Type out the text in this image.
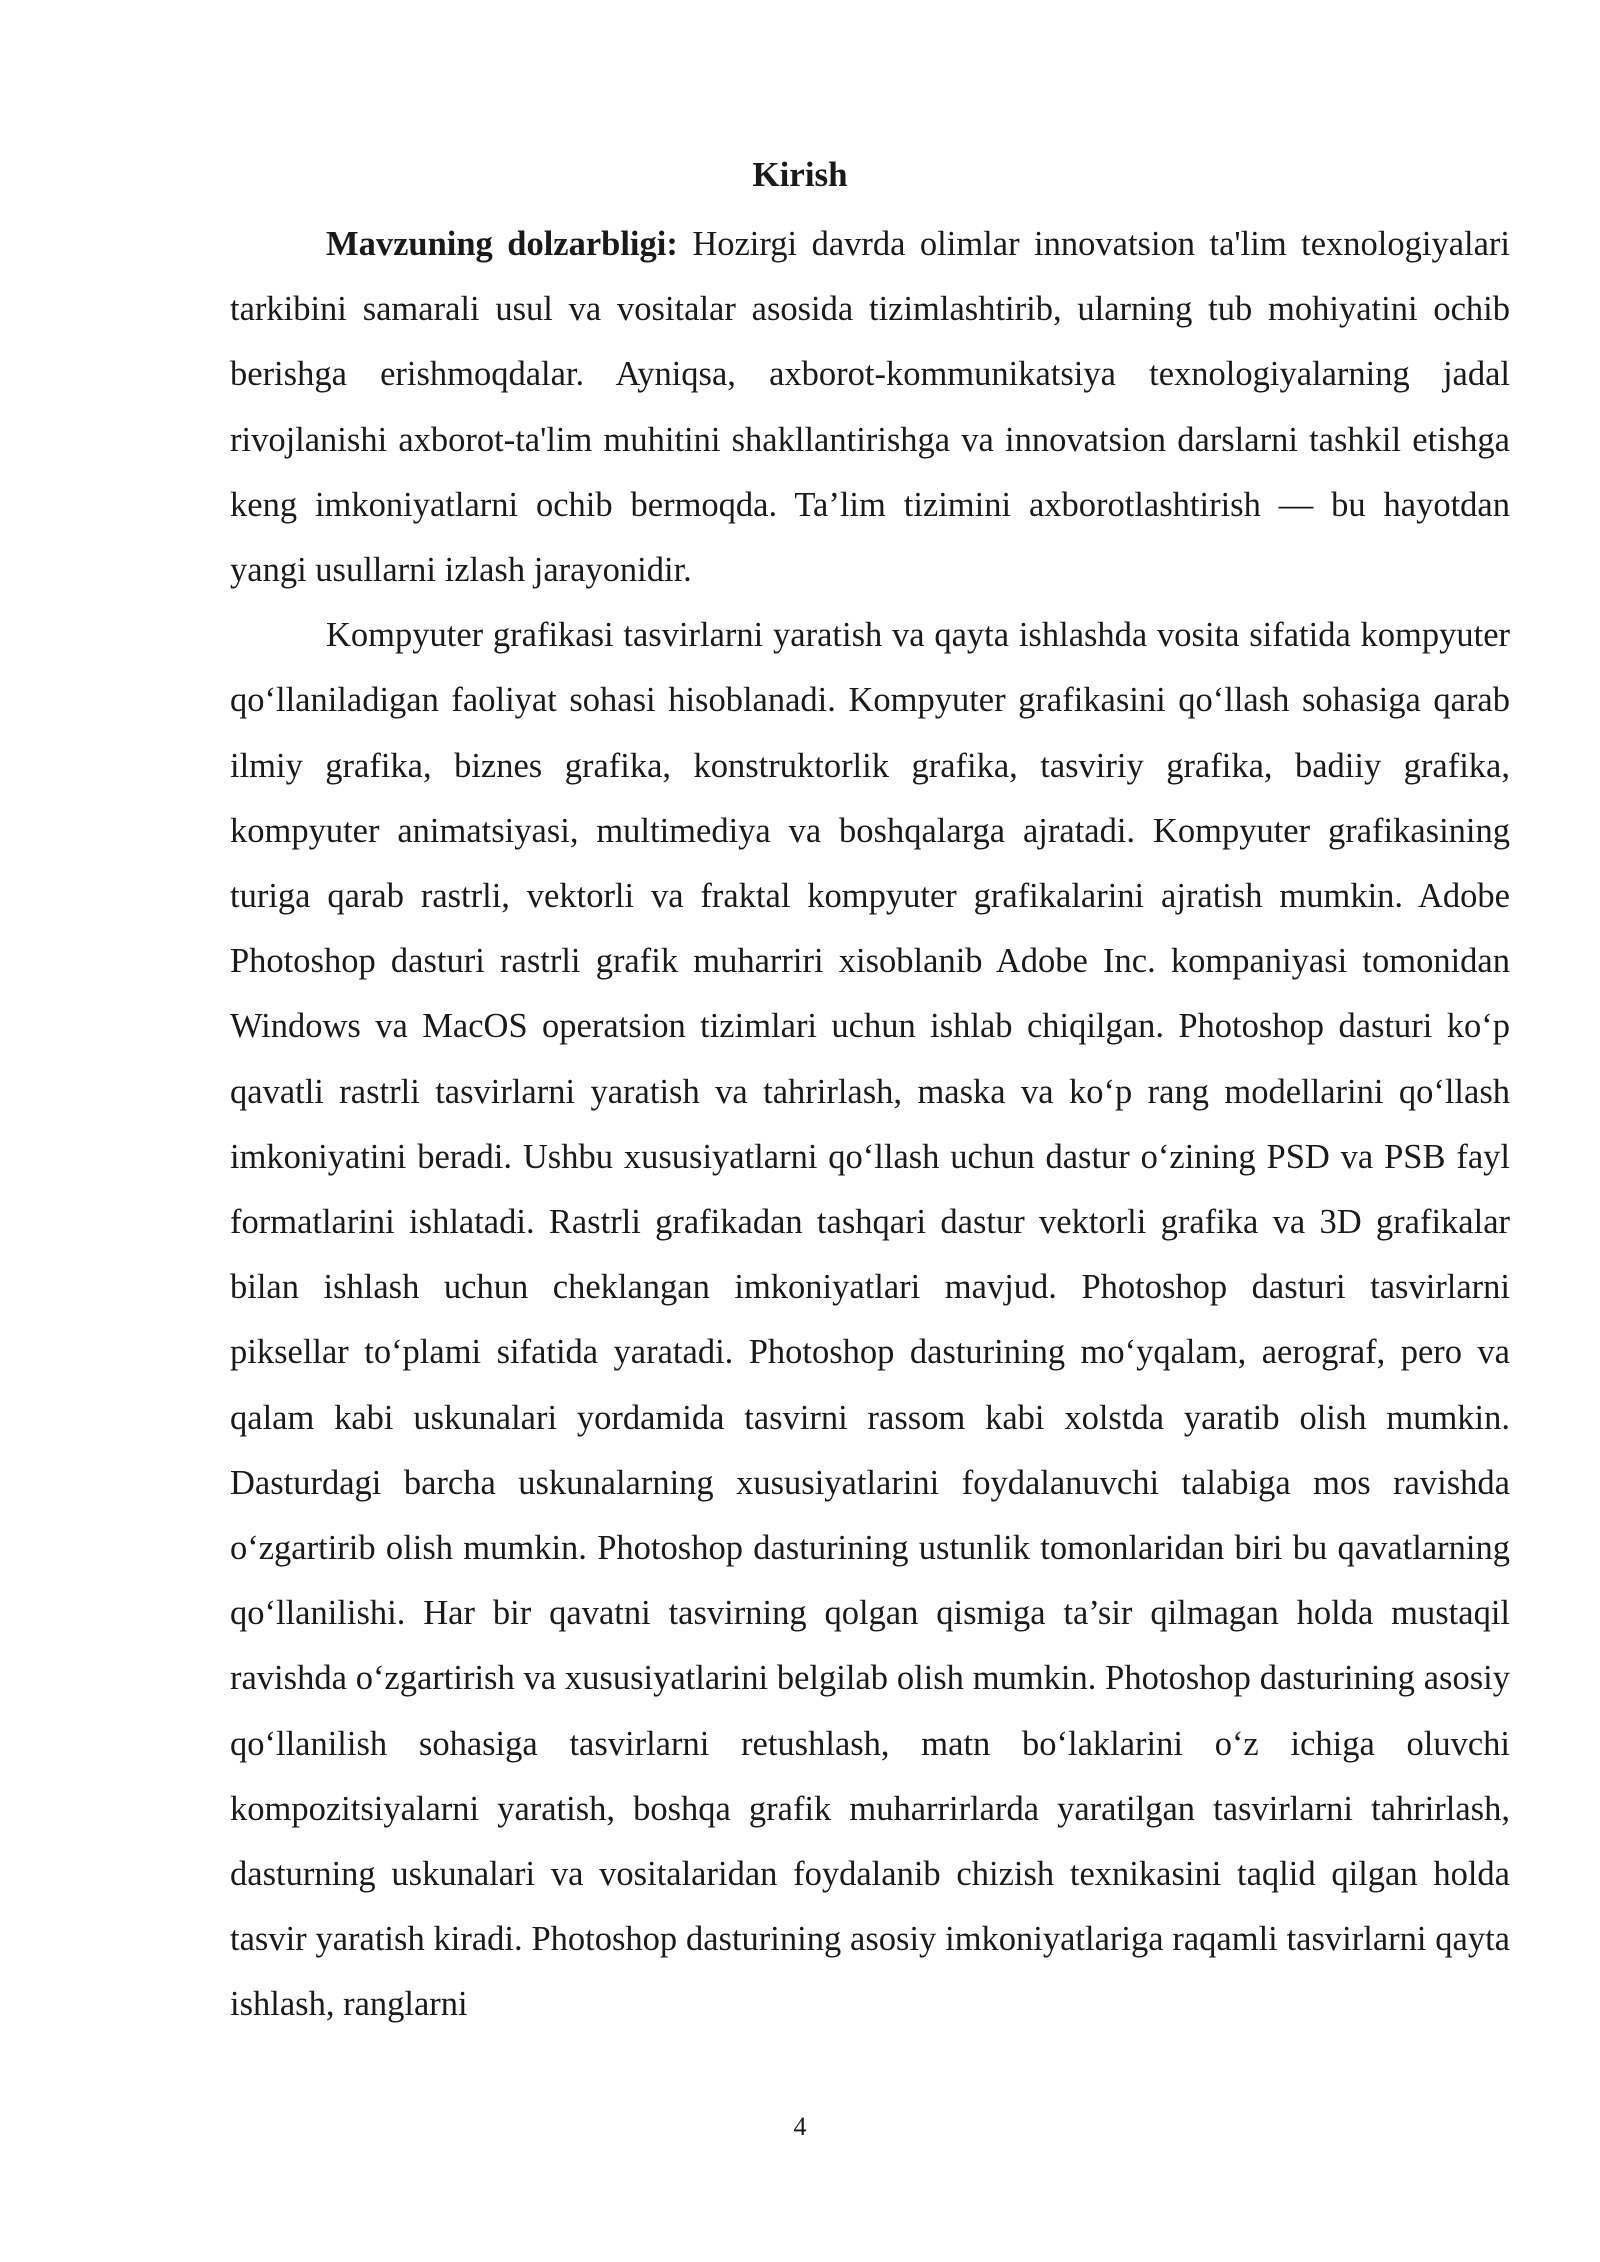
Kirish

Mavzuning dolzarbligi: Hozirgi davrda olimlar innovatsion ta'lim texnologiyalari tarkibini samarali usul va vositalar asosida tizimlashtirib, ularning tub mohiyatini ochib berishga erishmoqdalar. Ayniqsa, axborot-kommunikatsiya texnologiyalarning jadal rivojlanishi axborot-ta'lim muhitini shakllantirishga va innovatsion darslarni tashkil etishga keng imkoniyatlarni ochib bermoqda. Ta’lim tizimini axborotlashtirish — bu hayotdan yangi usullarni izlash jarayonidir.

Kompyuter grafikasi tasvirlarni yaratish va qayta ishlashda vosita sifatida kompyuter qo‘llaniladigan faoliyat sohasi hisoblanadi. Kompyuter grafikasini qo‘llash sohasiga qarab ilmiy grafika, biznes grafika, konstruktorlik grafika, tasviriy grafika, badiiy grafika, kompyuter animatsiyasi, multimediya va boshqalarga ajratadi. Kompyuter grafikasining turiga qarab rastrli, vektorli va fraktal kompyuter grafikalarini ajratish mumkin. Adobe Photoshop dasturi rastrli grafik muharriri xisoblanib Adobe Inc. kompaniyasi tomonidan Windows va MacOS operatsion tizimlari uchun ishlab chiqilgan. Photoshop dasturi ko‘p qavatli rastrli tasvirlarni yaratish va tahrirlash, maska va ko‘p rang modellarini qo‘llash imkoniyatini beradi. Ushbu xususiyatlarni qo‘llash uchun dastur o‘zining PSD va PSB fayl formatlarini ishlatadi. Rastrli grafikadan tashqari dastur vektorli grafika va 3D grafikalar bilan ishlash uchun cheklangan imkoniyatlari mavjud. Photoshop dasturi tasvirlarni piksellar to‘plami sifatida yaratadi. Photoshop dasturining mo‘yqalam, aerograf, pero va qalam kabi uskunalari yordamida tasvirni rassom kabi xolstda yaratib olish mumkin. Dasturdagi barcha uskunalarning xususiyatlarini foydalanuvchi talabiga mos ravishda o‘zgartirib olish mumkin. Photoshop dasturining ustunlik tomonlaridan biri bu qavatlarning qo‘llanilishi. Har bir qavatni tasvirning qolgan qismiga ta’sir qilmagan holda mustaqil ravishda o‘zgartirish va xususiyatlarini belgilab olish mumkin. Photoshop dasturining asosiy qo‘llanilish sohasiga tasvirlarni retushlash, matn bo‘laklarini o‘z ichiga oluvchi kompozitsiyalarni yaratish, boshqa grafik muharrirlarda yaratilgan tasvirlarni tahrirlash, dasturning uskunalari va vositalaridan foydalanib chizish texnikasini taqlid qilgan holda tasvir yaratish kiradi. Photoshop dasturining asosiy imkoniyatlariga raqamli tasvirlarni qayta ishlash, ranglarni

4
